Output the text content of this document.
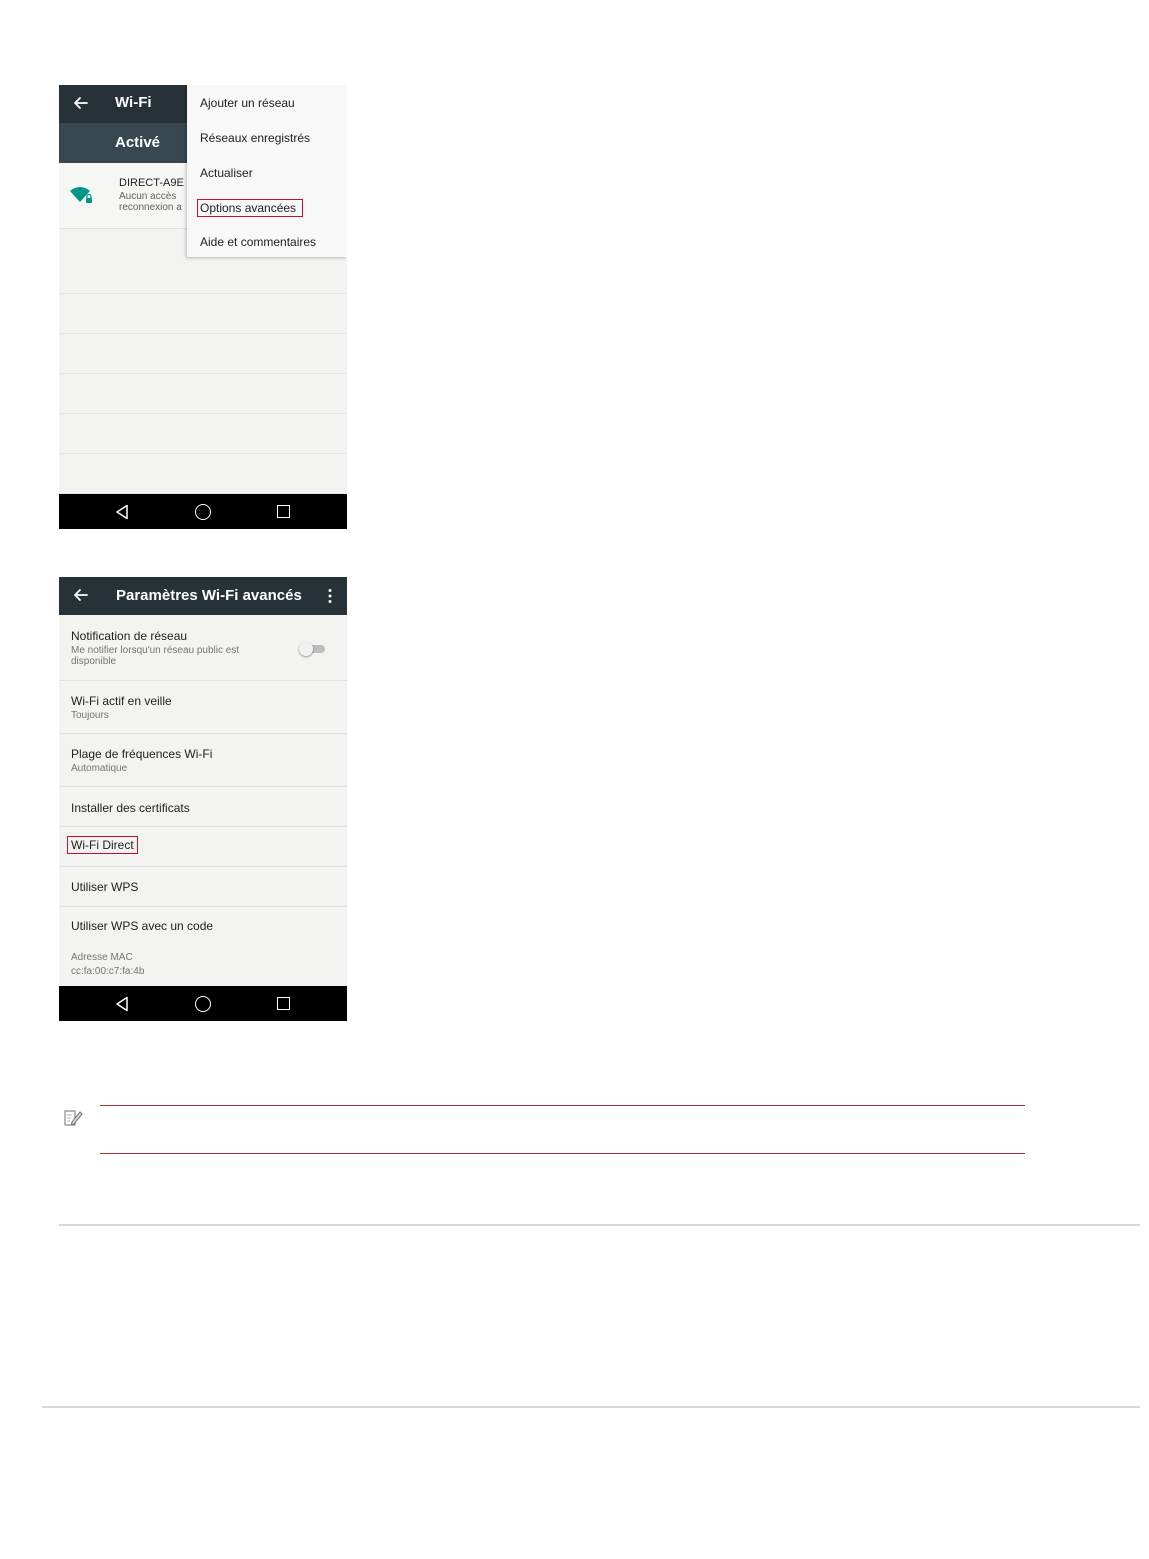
Wi-Fi
Activé
DIRECT-A9E
Aucun accès
reconnexion a
Ajouter un réseau
Réseaux enregistrés
Actualiser
Options avancées
Aide et commentaires
Paramètres Wi-Fi avancés
Notification de réseau
Me notifier lorsqu'un réseau public est
disponible
Wi-Fi actif en veille
Toujours
Plage de fréquences Wi-Fi
Automatique
Installer des certificats
Wi-Fi Direct
Utiliser WPS
Utiliser WPS avec un code
Adresse MAC
cc:fa:00:c7:fa:4b
